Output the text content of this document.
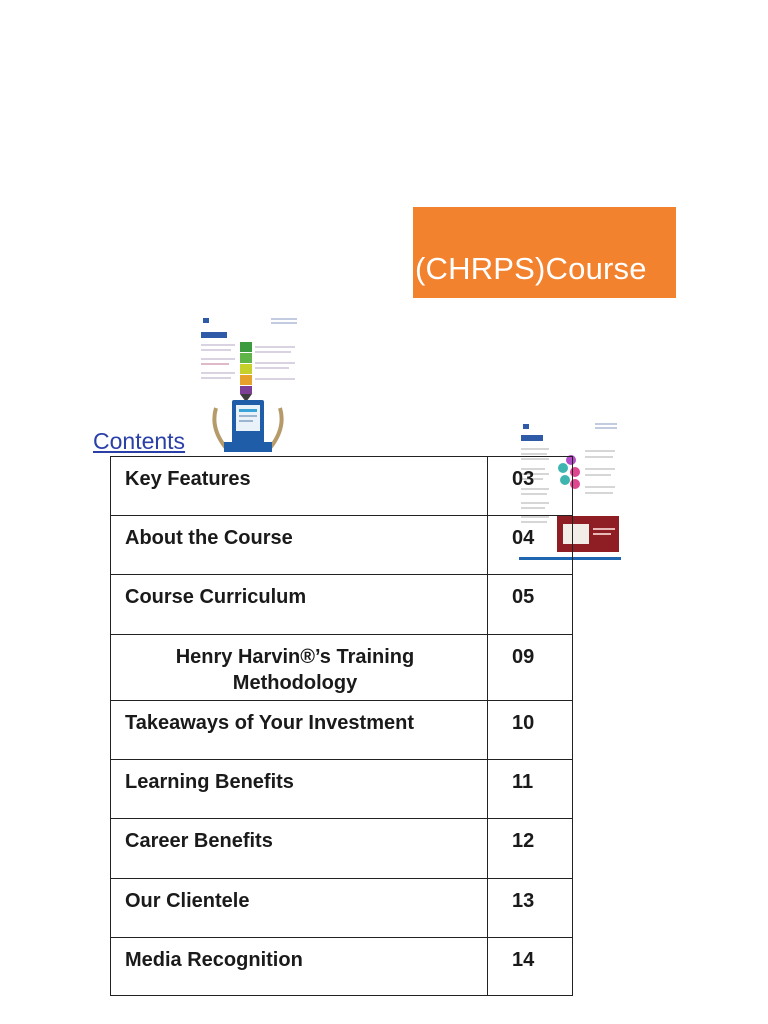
(CHRPS)Course
Contents
Key Features	03
About the Course	04
Course Curriculum	05
Henry Harvin®’s Training Methodology	09
Takeaways of Your Investment	10
Learning Benefits	11
Career Benefits	12
Our Clientele	13
Media Recognition	14
